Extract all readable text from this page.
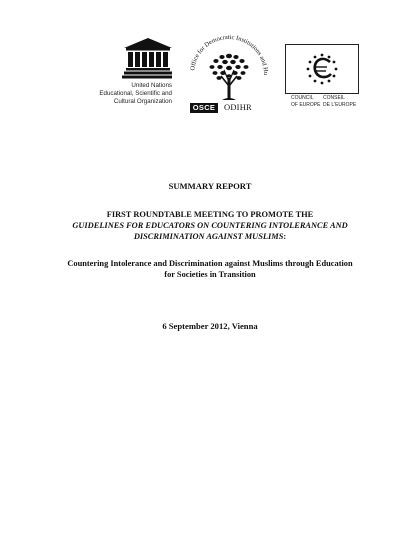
United Nations
Educational, Scientific and
Cultural Organization
Office for Democratic Institutions and Hu
OSCE	ODIHR
COUNCIL
OF EUROPE
CONSEIL
DE L'EUROPE
SUMMARY REPORT
FIRST ROUNDTABLE MEETING TO PROMOTE THE
GUIDELINES FOR EDUCATORS ON COUNTERING INTOLERANCE AND
DISCRIMINATION AGAINST MUSLIMS:
Countering Intolerance and Discrimination against Muslims through Education
for Societies in Transition
6 September 2012, Vienna
